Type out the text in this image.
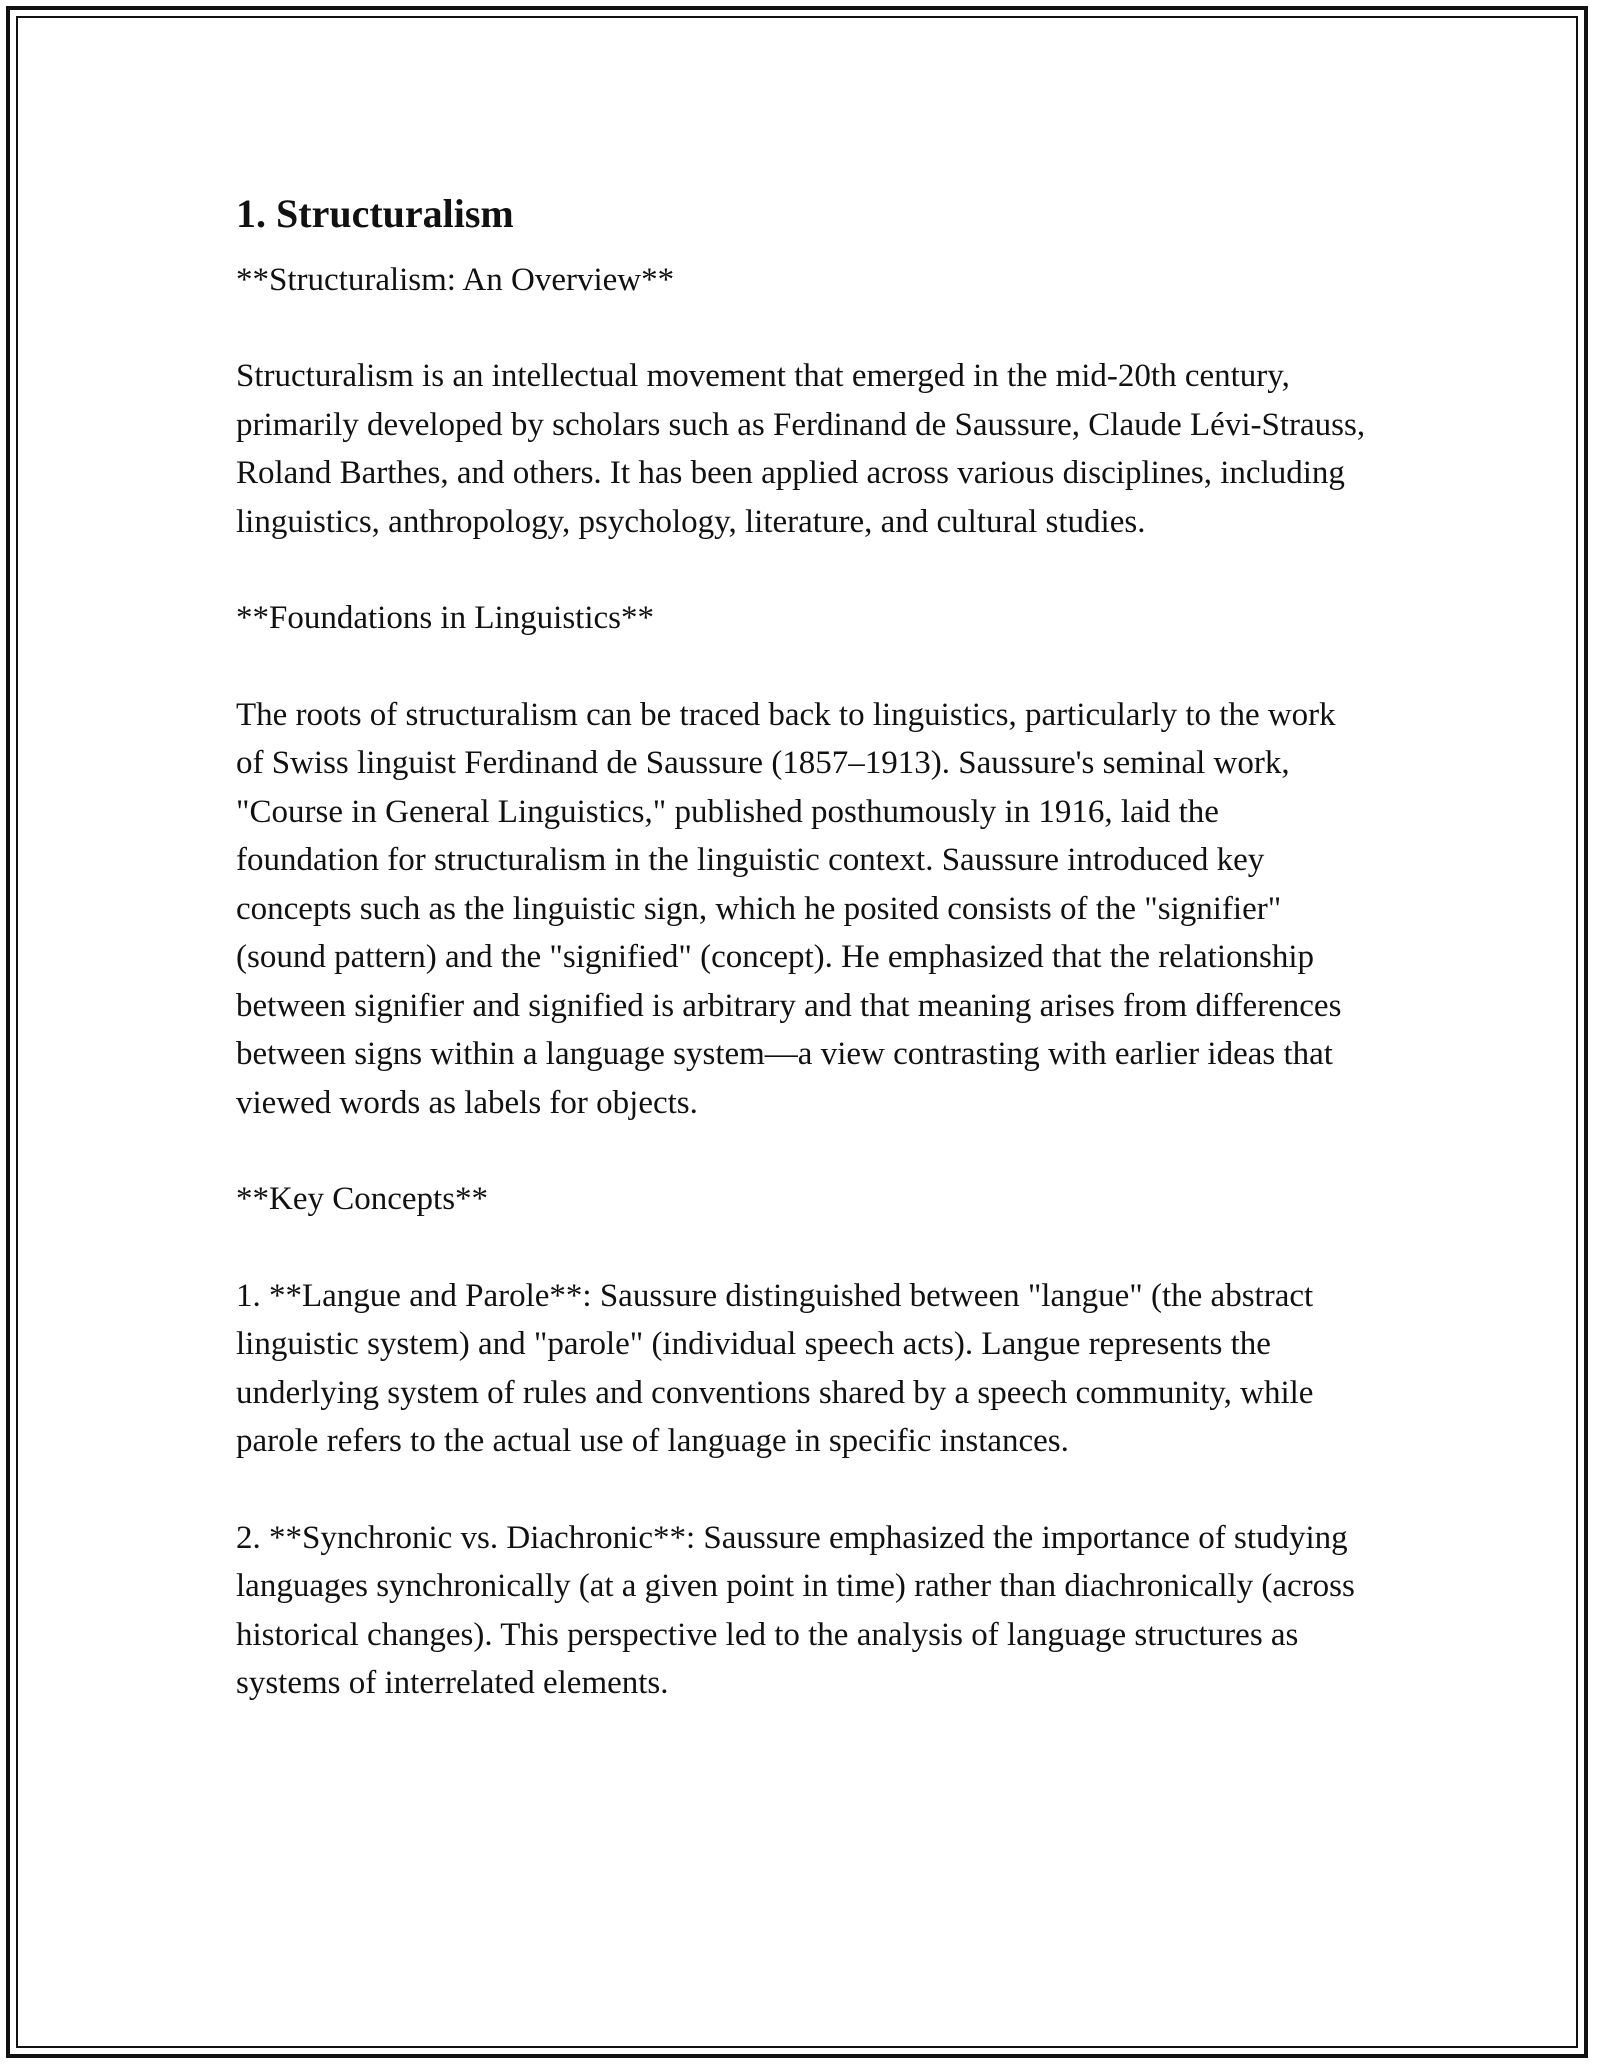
1. Structuralism

**Structuralism: An Overview**

Structuralism is an intellectual movement that emerged in the mid-20th century, primarily developed by scholars such as Ferdinand de Saussure, Claude Lévi-Strauss, Roland Barthes, and others. It has been applied across various disciplines, including linguistics, anthropology, psychology, literature, and cultural studies.

**Foundations in Linguistics**

The roots of structuralism can be traced back to linguistics, particularly to the work of Swiss linguist Ferdinand de Saussure (1857–1913). Saussure's seminal work, "Course in General Linguistics," published posthumously in 1916, laid the foundation for structuralism in the linguistic context. Saussure introduced key concepts such as the linguistic sign, which he posited consists of the "signifier" (sound pattern) and the "signified" (concept). He emphasized that the relationship between signifier and signified is arbitrary and that meaning arises from differences between signs within a language system—a view contrasting with earlier ideas that viewed words as labels for objects.

**Key Concepts**

1. **Langue and Parole**: Saussure distinguished between "langue" (the abstract linguistic system) and "parole" (individual speech acts). Langue represents the underlying system of rules and conventions shared by a speech community, while parole refers to the actual use of language in specific instances.

2. **Synchronic vs. Diachronic**: Saussure emphasized the importance of studying languages synchronically (at a given point in time) rather than diachronically (across historical changes). This perspective led to the analysis of language structures as systems of interrelated elements.
